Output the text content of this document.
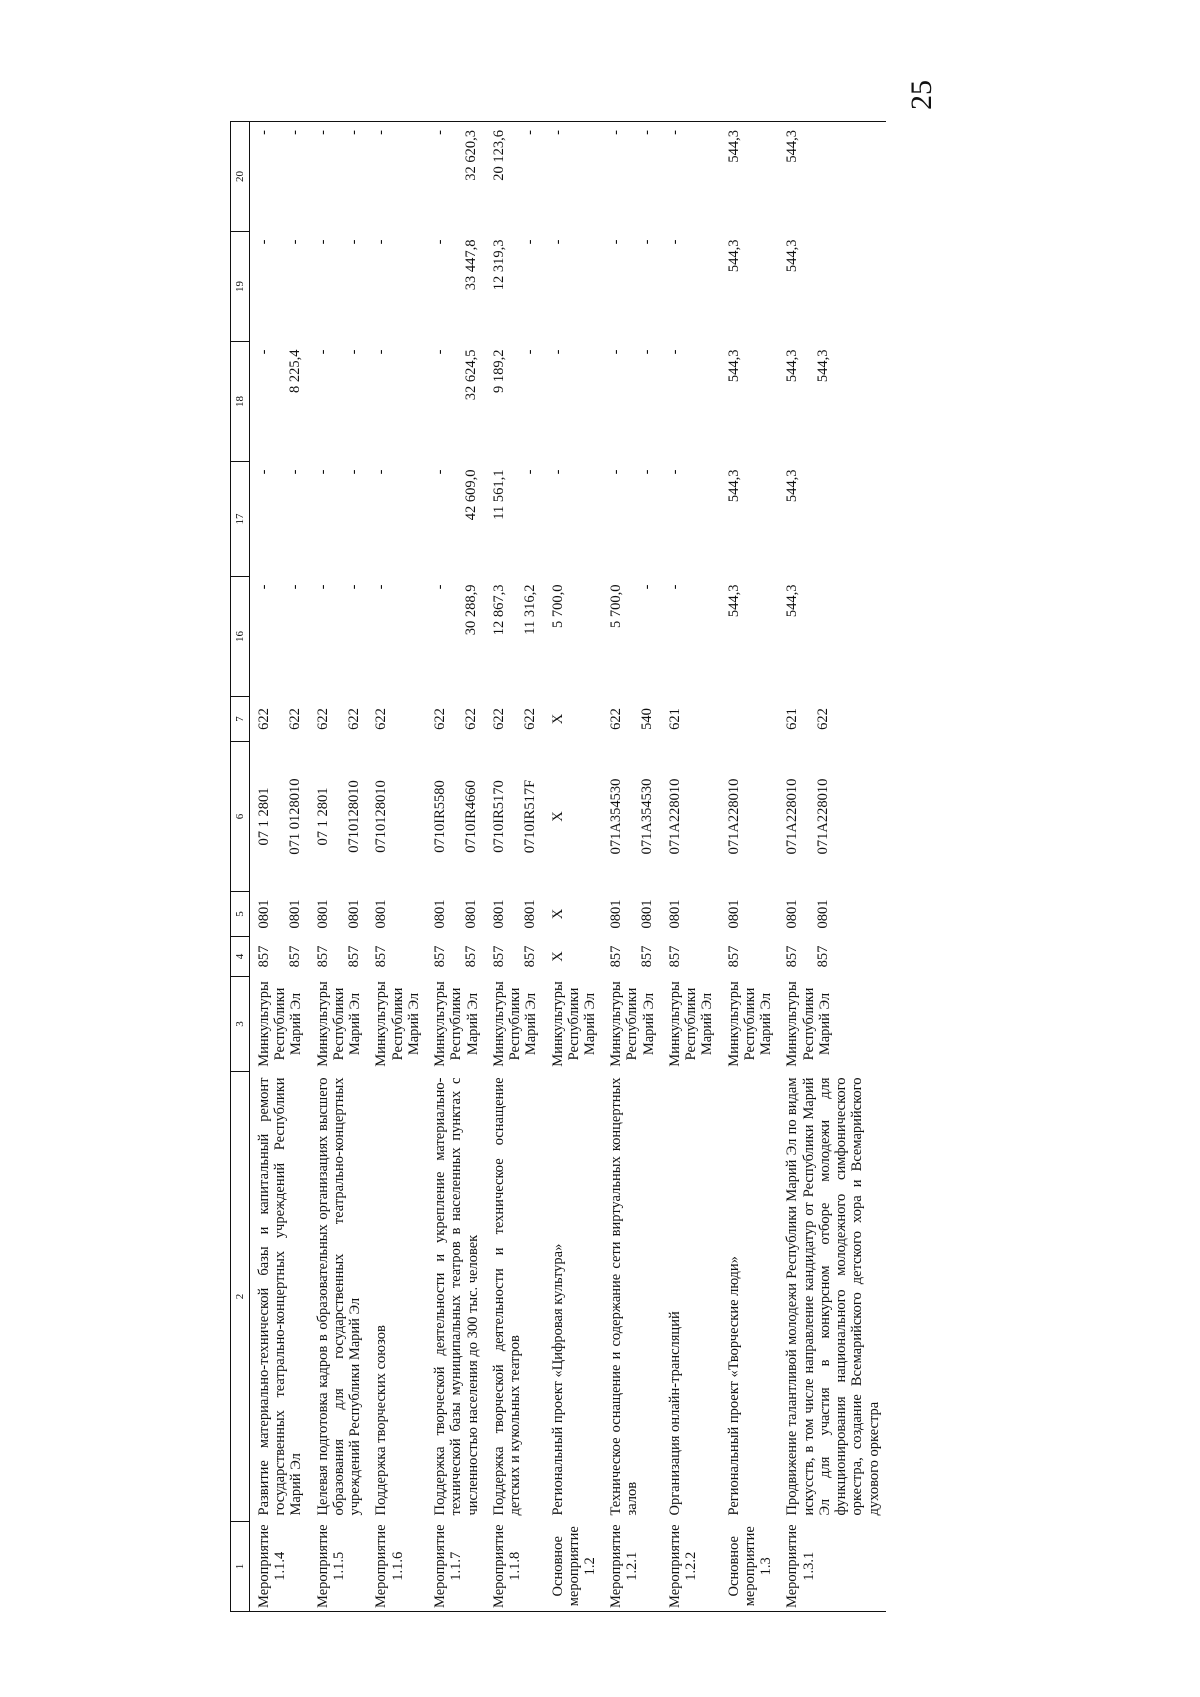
25
1	2	3	4	5	6	7	16	17	18	19	20
Мероприятие 1.1.4	Развитие материально-технической базы и капитальный ремонт государственных театрально-концертных учреждений Республики Марий Эл	Минкультуры Республики Марий Эл	857 857	0801 0801	07 1 2801 071 0128010	622 622	- -	- -	- 8 225,4	- -	- -

Мероприятие 1.1.5	Целевая подготовка кадров в образовательных организациях высшего образования для государственных театрально-концертных учреждений Республики Марий Эл	Минкультуры Республики Марий Эл	857 857	0801 0801	07 1 2801 0710128010	622 622	- -	- -	- -	- -	- -

Мероприятие 1.1.6	Поддержка творческих союзов	Минкультуры Республики Марий Эл	857	0801	0710128010	622	-	-	-	-	-

Мероприятие 1.1.7	Поддержка творческой деятельности и укрепление материально-технической базы муниципальных театров в населенных пунктах с численностью населения до 300 тыс. человек	Минкультуры Республики Марий Эл	857 857	0801 0801	0710IR5580 0710IR4660	622 622	- 30 288,9	- 42 609,0	- 32 624,5	- 33 447,8	- 32 620,3

Мероприятие 1.1.8	Поддержка творческой деятельности и техническое оснащение детских и кукольных театров	Минкультуры Республики Марий Эл	857 857	0801 0801	0710IR5170 0710IR517F	622 622	12 867,3 11 316,2	11 561,1 -	9 189,2 -	12 319,3 -	20 123,6 -

Основное мероприятие 1.2	Региональный проект «Цифровая культура»	Минкультуры Республики Марий Эл	X	X	X	X	5 700,0	-	-	-	-

Мероприятие 1.2.1	Техническое оснащение и содержание сети виртуальных концертных залов	Минкультуры Республики Марий Эл	857 857	0801 0801	071A354530 071A354530	622 540	5 700,0 -	- -	- -	- -	- -

Мероприятие 1.2.2	Организация онлайн-трансляций	Минкультуры Республики Марий Эл	857	0801	071A228010	621	-	-	-	-	-

Основное мероприятие 1.3	Региональный проект «Творческие люди»	Минкультуры Республики Марий Эл	857	0801	071A228010		544,3	544,3	544,3	544,3	544,3

Мероприятие 1.3.1	Продвижение талантливой молодежи Республики Марий Эл по видам искусств, в том числе направление кандидатур от Республики Марий Эл для участия в конкурсном отборе молодежи для функционирования национального молодежного симфонического оркестра, создание Всемарийского детского хора и Всемарийского духового оркестра	Минкультуры Республики Марий Эл	857 857	0801 0801	071A228010 071A228010	621 622	544,3	544,3	544,3 544,3	544,3	544,3
